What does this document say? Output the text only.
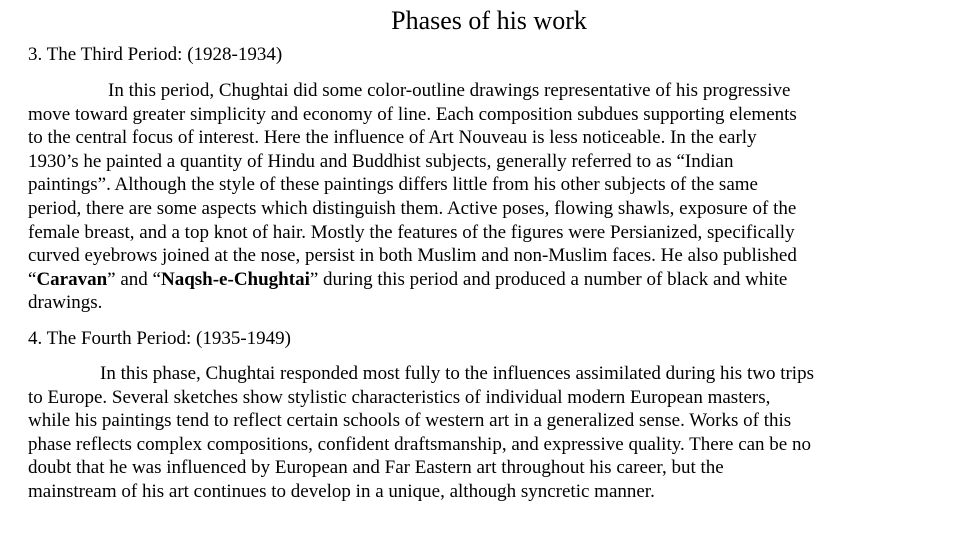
Phases of his work
3. The Third Period: (1928-1934)
In this period, Chughtai did some color-outline drawings representative of his progressive
move toward greater simplicity and economy of line. Each composition subdues supporting elements
to the central focus of interest. Here the influence of Art Nouveau is less noticeable. In the early
1930’s he painted a quantity of Hindu and Buddhist subjects, generally referred to as “Indian
paintings”. Although the style of these paintings differs little from his other subjects of the same
period, there are some aspects which distinguish them. Active poses, flowing shawls, exposure of the
female breast, and a top knot of hair. Mostly the features of the figures were Persianized, specifically
curved eyebrows joined at the nose, persist in both Muslim and non-Muslim faces. He also published
“Caravan” and “Naqsh-e-Chughtai” during this period and produced a number of black and white
drawings.
4. The Fourth Period: (1935-1949)
In this phase, Chughtai responded most fully to the influences assimilated during his two trips
to Europe. Several sketches show stylistic characteristics of individual modern European masters,
while his paintings tend to reflect certain schools of western art in a generalized sense. Works of this
phase reflects complex compositions, confident draftsmanship, and expressive quality. There can be no
doubt that he was influenced by European and Far Eastern art throughout his career, but the
mainstream of his art continues to develop in a unique, although syncretic manner.
